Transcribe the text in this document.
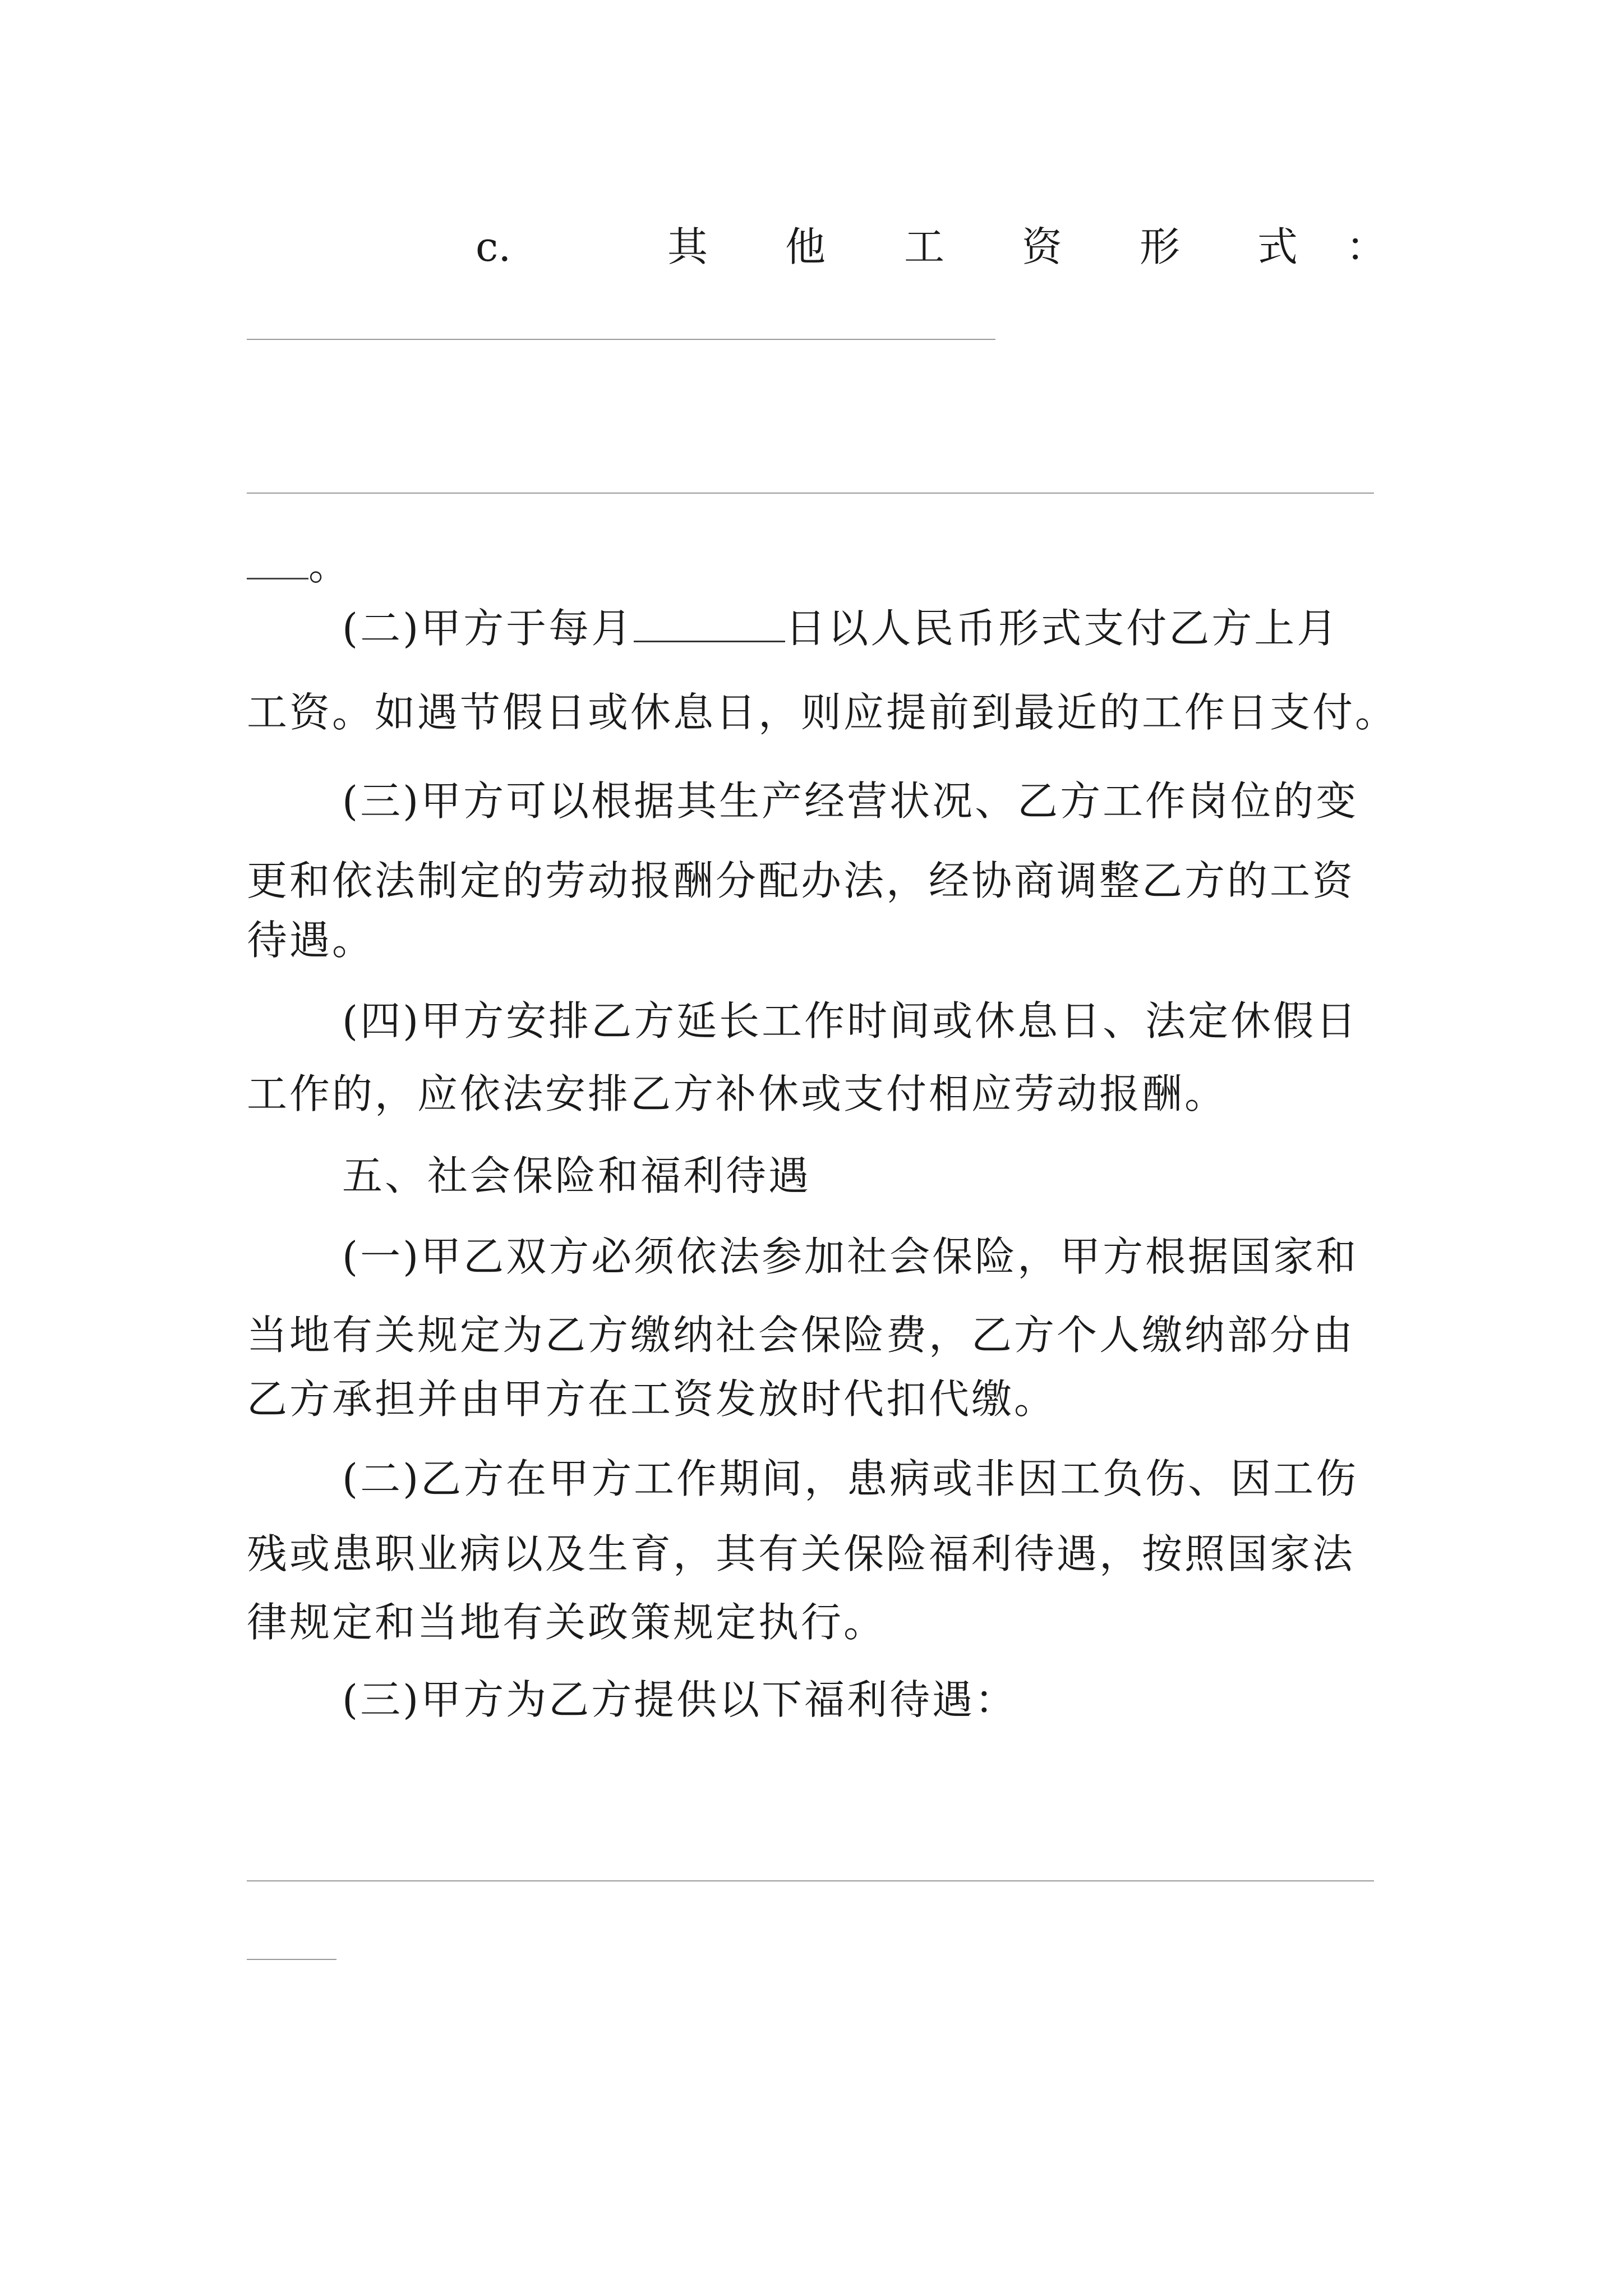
c.	其 他 工 资 形 式 ：
。
(二)甲方于每月	日以人民币形式支付乙方上月
工资。如遇节假日或休息日，则应提前到最近的工作日支付。
(三)甲方可以根据其生产经营状况、乙方工作岗位的变
更和依法制定的劳动报酬分配办法，经协商调整乙方的工资
待遇。
(四)甲方安排乙方延长工作时间或休息日、法定休假日
工作的，应依法安排乙方补休或支付相应劳动报酬。
五、社会保险和福利待遇
(一)甲乙双方必须依法参加社会保险，甲方根据国家和
当地有关规定为乙方缴纳社会保险费，乙方个人缴纳部分由
乙方承担并由甲方在工资发放时代扣代缴。
(二)乙方在甲方工作期间，患病或非因工负伤、因工伤
残或患职业病以及生育，其有关保险福利待遇，按照国家法
律规定和当地有关政策规定执行。
(三)甲方为乙方提供以下福利待遇：
